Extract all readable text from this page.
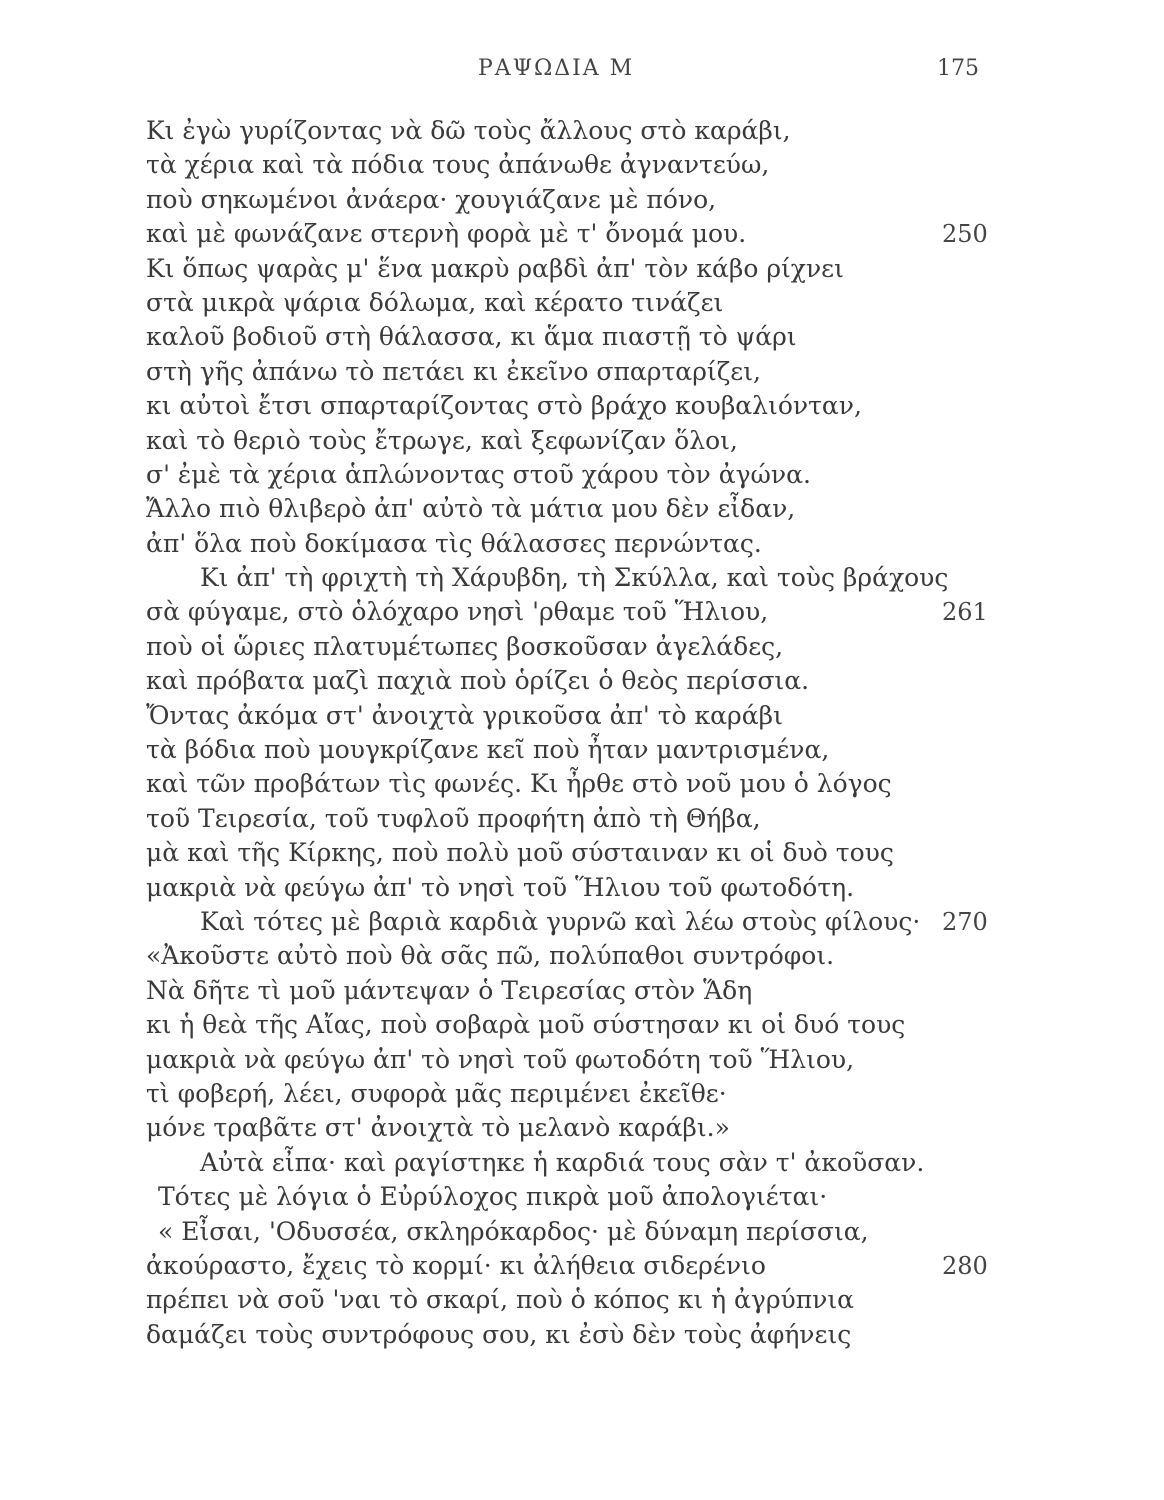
ΡΑΨΩΔΙΑ Μ	175
Κι ἐγὼ γυρίζοντας νὰ δῶ τοὺς ἄλλους στὸ καράβι,
τὰ χέρια καὶ τὰ πόδια τους ἀπάνωθε ἀγναντεύω,
ποὺ σηκωμένοι ἀνάερα· χουγιάζανε μὲ πόνο,
καὶ μὲ φωνάζανε στερνὴ φορὰ μὲ τ' ὄνομά μου.	250
Κι ὅπως ψαρὰς μ' ἕνα μακρὺ ραβδὶ ἀπ' τὸν κάβο ρίχνει
στὰ μικρὰ ψάρια δόλωμα, καὶ κέρατο τινάζει
καλοῦ βοδιοῦ στὴ θάλασσα, κι ἅμα πιαστῇ τὸ ψάρι
στὴ γῆς ἀπάνω τὸ πετάει κι ἐκεῖνο σπαρταρίζει,
κι αὐτοὶ ἔτσι σπαρταρίζοντας στὸ βράχο κουβαλιόνταν,
καὶ τὸ θεριὸ τοὺς ἔτρωγε, καὶ ξεφωνίζαν ὅλοι,
σ' ἐμὲ τὰ χέρια ἁπλώνοντας στοῦ χάρου τὸν ἀγώνα.
Ἄλλο πιὸ θλιβερὸ ἀπ' αὐτὸ τὰ μάτια μου δὲν εἶδαν,
ἀπ' ὅλα ποὺ δοκίμασα τὶς θάλασσες περνώντας.
Κι ἀπ' τὴ φριχτὴ τὴ Χάρυβδη, τὴ Σκύλλα, καὶ τοὺς βράχους
σὰ φύγαμε, στὸ ὁλόχαρο νησὶ 'ρθαμε τοῦ Ἥλιου,	261
ποὺ οἱ ὥριες πλατυμέτωπες βοσκοῦσαν ἀγελάδες,
καὶ πρόβατα μαζὶ παχιὰ ποὺ ὁρίζει ὁ θεὸς περίσσια.
Ὄντας ἀκόμα στ' ἀνοιχτὰ γρικοῦσα ἀπ' τὸ καράβι
τὰ βόδια ποὺ μουγκρίζανε κεῖ ποὺ ἦταν μαντρισμένα,
καὶ τῶν προβάτων τὶς φωνές. Κι ἦρθε στὸ νοῦ μου ὁ λόγος
τοῦ Τειρεσία, τοῦ τυφλοῦ προφήτη ἀπὸ τὴ Θήβα,
μὰ καὶ τῆς Κίρκης, ποὺ πολὺ μοῦ σύσταιναν κι οἱ δυὸ τους
μακριὰ νὰ φεύγω ἀπ' τὸ νησὶ τοῦ Ἥλιου τοῦ φωτοδότη.
Καὶ τότες μὲ βαριὰ καρδιὰ γυρνῶ καὶ λέω στοὺς φίλους· 270
«Ἀκοῦστε αὐτὸ ποὺ θὰ σᾶς πῶ, πολύπαθοι συντρόφοι.
Νὰ δῆτε τὶ μοῦ μάντεψαν ὁ Τειρεσίας στὸν Ἅδη
κι ἡ θεὰ τῆς Αἴας, ποὺ σοβαρὰ μοῦ σύστησαν κι οἱ δυό τους
μακριὰ νὰ φεύγω ἀπ' τὸ νησὶ τοῦ φωτοδότη τοῦ Ἥλιου,
τὶ φοβερή, λέει, συφορὰ μᾶς περιμένει ἐκεῖθε·
μόνε τραβᾶτε στ' ἀνοιχτὰ τὸ μελανὸ καράβι.»
Αὐτὰ εἶπα· καὶ ραγίστηκε ἡ καρδιά τους σὰν τ' ἀκοῦσαν.
Τότες μὲ λόγια ὁ Εὐρύλοχος πικρὰ μοῦ ἀπολογιέται·
« Εἶσαι, 'Οδυσσέα, σκληρόκαρδος· μὲ δύναμη περίσσια,
ἀκούραστο, ἔχεις τὸ κορμί· κι ἀλήθεια σιδερένιο	280
πρέπει νὰ σοῦ 'ναι τὸ σκαρί, ποὺ ὁ κόπος κι ἡ ἀγρύπνια
δαμάζει τοὺς συντρόφους σου, κι ἐσὺ δὲν τοὺς ἀφήνεις
